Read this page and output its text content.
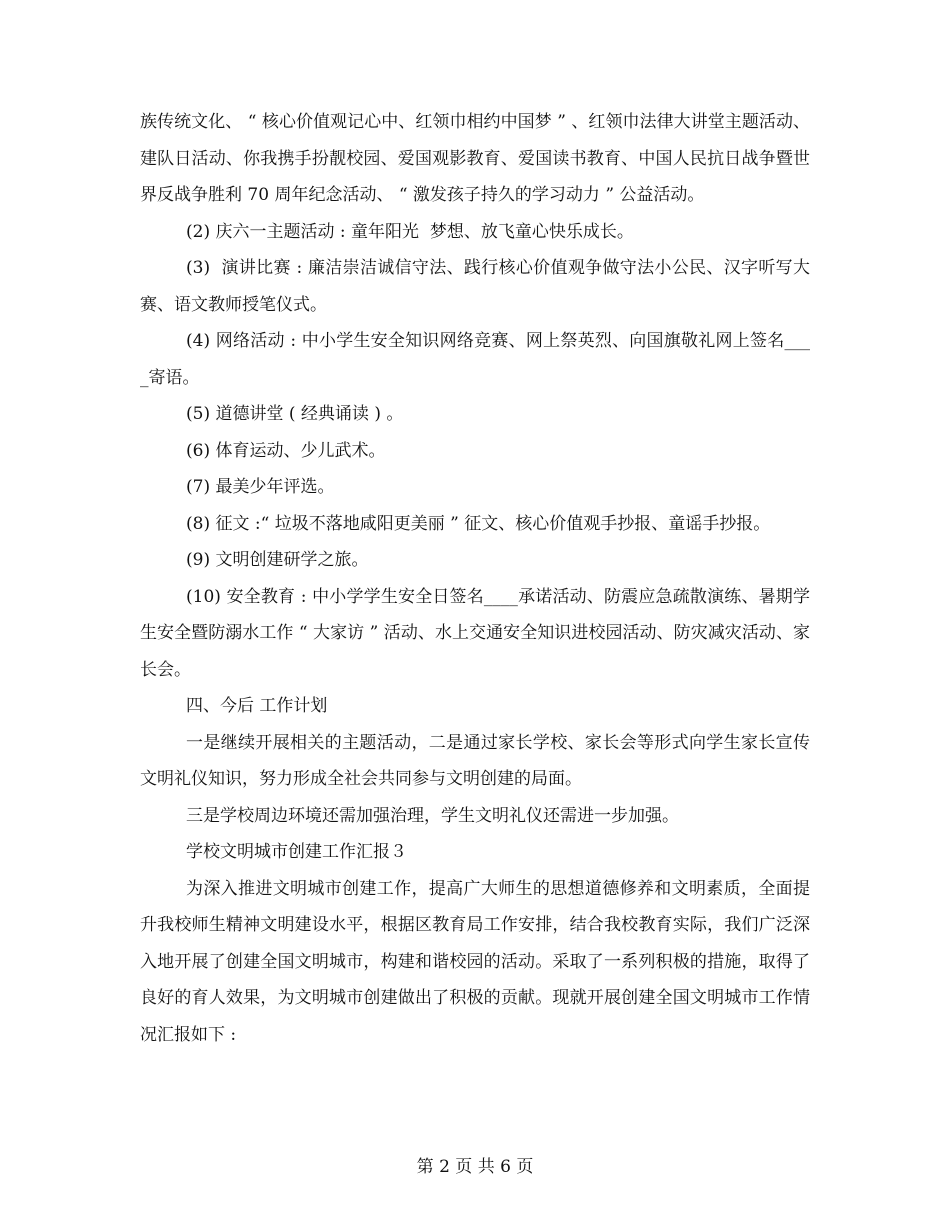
族传统文化、 “ 核心价值观记心中、红领巾相约中国梦 ” 、红领巾法律大讲堂主题活动、建队日活动、你我携手扮靓校园、爱国观影教育、爱国读书教育、中国人民抗日战争暨世界反战争胜利 70 周年纪念活动、 “ 激发孩子持久的学习动力 ” 公益活动。

(2) 庆六一主题活动 : 童年阳光  梦想、放飞童心快乐成长。

(3)  演讲比赛 : 廉洁崇洁诚信守法、践行核心价值观争做守法小公民、汉字听写大赛、语文教师授笔仪式。

(4) 网络活动 : 中小学生安全知识网络竞赛、网上祭英烈、向国旗敬礼网上签名____寄语。

(5) 道德讲堂 ( 经典诵读 ) 。

(6) 体育运动、少儿武术。

(7) 最美少年评选。

(8) 征文 :“ 垃圾不落地咸阳更美丽 ” 征文、核心价值观手抄报、童谣手抄报。

(9) 文明创建研学之旅。

(10) 安全教育 : 中小学学生安全日签名____承诺活动、防震应急疏散演练、暑期学生安全暨防溺水工作 “ 大家访 ” 活动、水上交通安全知识进校园活动、防灾减灾活动、家长会。

四、今后 工作计划

一是继续开展相关的主题活动，二是通过家长学校、家长会等形式向学生家长宣传文明礼仪知识，努力形成全社会共同参与文明创建的局面。

三是学校周边环境还需加强治理，学生文明礼仪还需进一步加强。

学校文明城市创建工作汇报３

为深入推进文明城市创建工作，提高广大师生的思想道德修养和文明素质，全面提升我校师生精神文明建设水平，根据区教育局工作安排，结合我校教育实际，我们广泛深入地开展了创建全国文明城市，构建和谐校园的活动。采取了一系列积极的措施，取得了良好的育人效果，为文明城市创建做出了积极的贡献。现就开展创建全国文明城市工作情况汇报如下 :

第 2 页 共 6 页
